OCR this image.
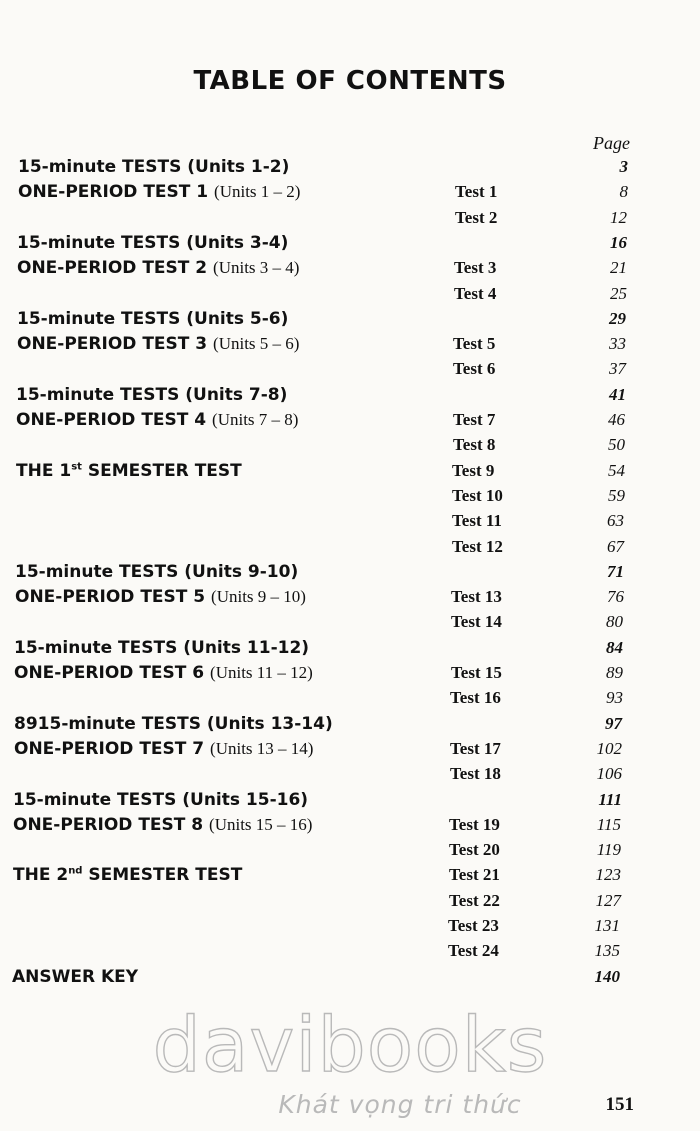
TABLE OF CONTENTS
Page
15-minute TESTS (Units 1-2)	3
ONE-PERIOD TEST 1 (Units 1 – 2)	Test 1	8
Test 2	12
15-minute TESTS (Units 3-4)	16
ONE-PERIOD TEST 2 (Units 3 – 4)	Test 3	21
Test 4	25
15-minute TESTS (Units 5-6)	29
ONE-PERIOD TEST 3 (Units 5 – 6)	Test 5	33
Test 6	37
15-minute TESTS (Units 7-8)	41
ONE-PERIOD TEST 4 (Units 7 – 8)	Test 7	46
Test 8	50
THE 1st SEMESTER TEST	Test 9	54
Test 10	59
Test 11	63
Test 12	67
15-minute TESTS (Units 9-10)	71
ONE-PERIOD TEST 5 (Units 9 – 10)	Test 13	76
Test 14	80
15-minute TESTS (Units 11-12)	84
ONE-PERIOD TEST 6 (Units 11 – 12)	Test 15	89
Test 16	93
8915-minute TESTS (Units 13-14)	97
ONE-PERIOD TEST 7 (Units 13 – 14)	Test 17	102
Test 18	106
15-minute TESTS (Units 15-16)	111
ONE-PERIOD TEST 8 (Units 15 – 16)	Test 19	115
Test 20	119
THE 2nd SEMESTER TEST	Test 21	123
Test 22	127
Test 23	131
Test 24	135
ANSWER KEY	140
davibooks
Khát vọng tri thức	151
